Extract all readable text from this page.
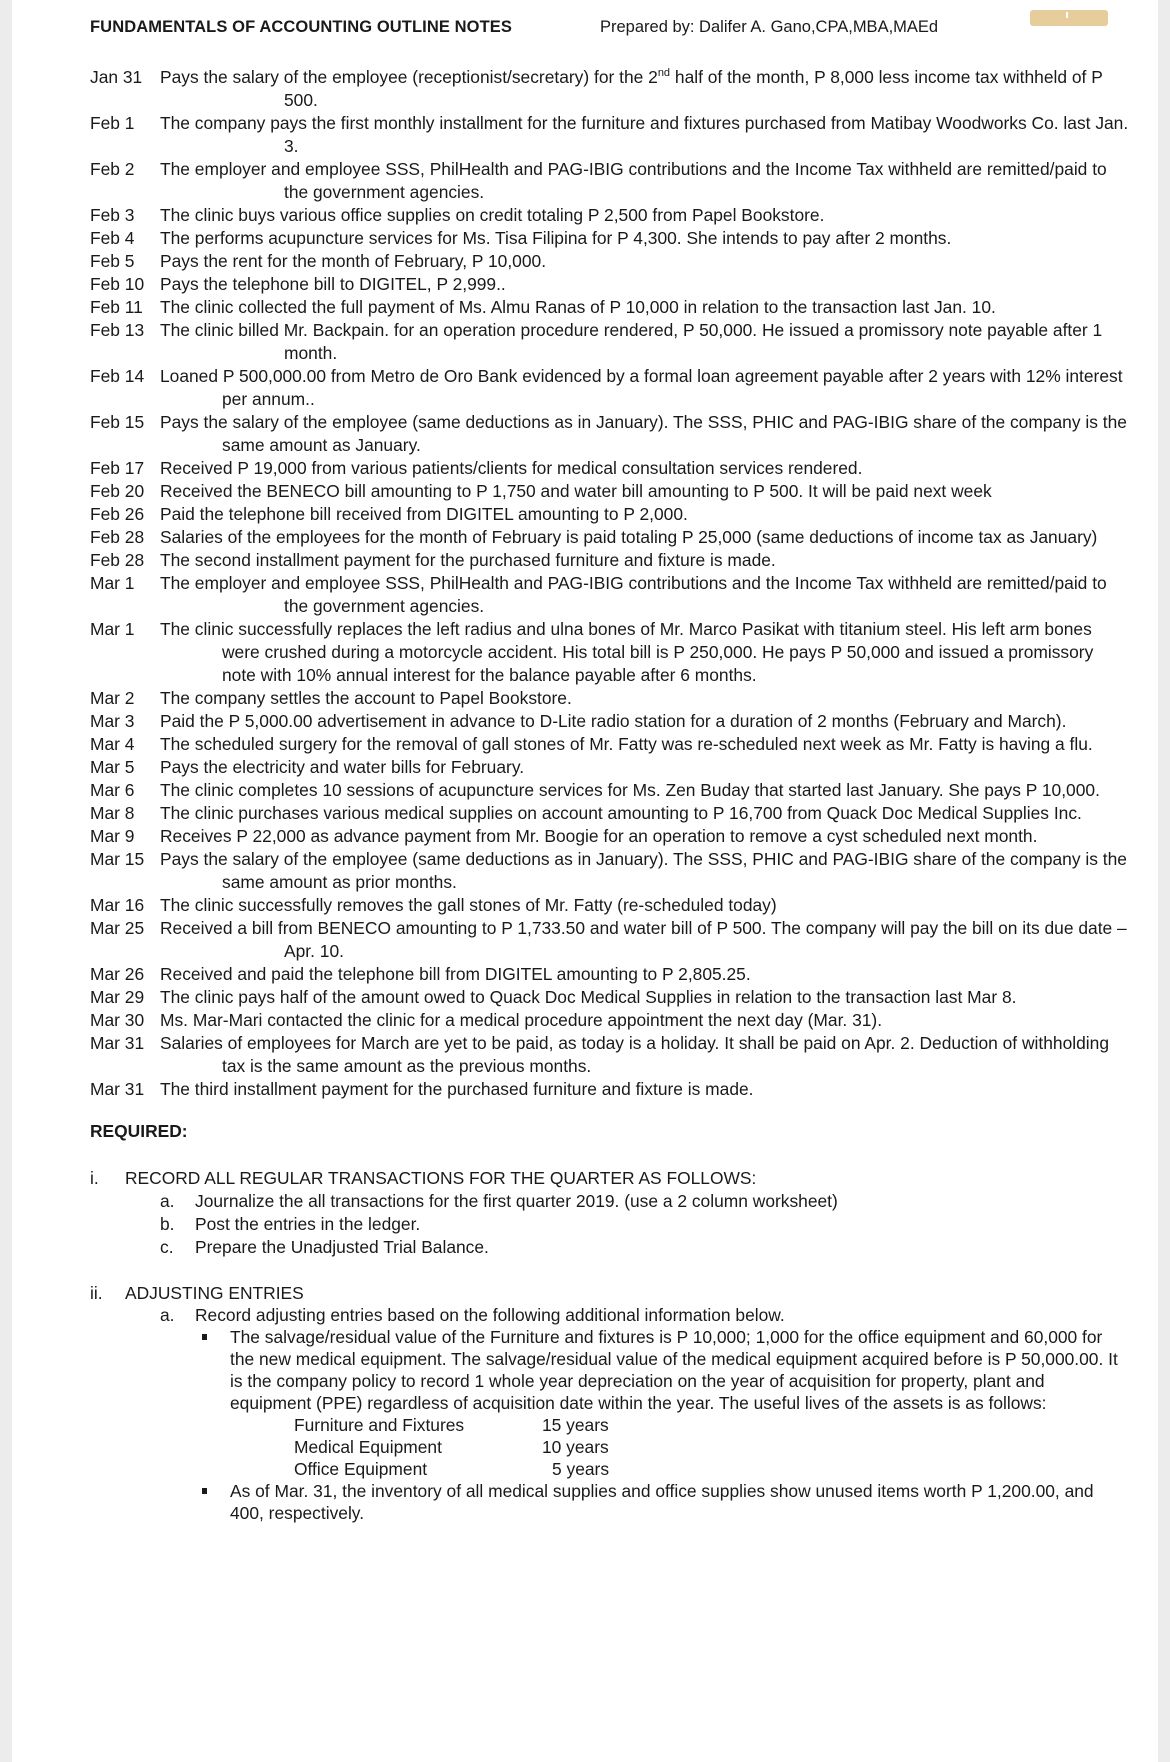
FUNDAMENTALS OF ACCOUNTING OUTLINE NOTES	Prepared by: Dalifer A. Gano,CPA,MBA,MAEd
Jan 31 Pays the salary of the employee (receptionist/secretary) for the 2nd half of the month, P 8,000 less income tax withheld of P 500.
Feb 1 The company pays the first monthly installment for the furniture and fixtures purchased from Matibay Woodworks Co. last Jan. 3.
Feb 2 The employer and employee SSS, PhilHealth and PAG-IBIG contributions and the Income Tax withheld are remitted/paid to the government agencies.
Feb 3 The clinic buys various office supplies on credit totaling P 2,500 from Papel Bookstore.
Feb 4 The performs acupuncture services for Ms. Tisa Filipina for P 4,300. She intends to pay after 2 months.
Feb 5 Pays the rent for the month of February, P 10,000.
Feb 10 Pays the telephone bill to DIGITEL, P 2,999..
Feb 11 The clinic collected the full payment of Ms. Almu Ranas of P 10,000 in relation to the transaction last Jan. 10.
Feb 13 The clinic billed Mr. Backpain. for an operation procedure rendered, P 50,000. He issued a promissory note payable after 1 month.
Feb 14 Loaned P 500,000.00 from Metro de Oro Bank evidenced by a formal loan agreement payable after 2 years with 12% interest per annum..
Feb 15 Pays the salary of the employee (same deductions as in January). The SSS, PHIC and PAG-IBIG share of the company is the same amount as January.
Feb 17 Received P 19,000 from various patients/clients for medical consultation services rendered.
Feb 20 Received the BENECO bill amounting to P 1,750 and water bill amounting to P 500. It will be paid next week
Feb 26 Paid the telephone bill received from DIGITEL amounting to P 2,000.
Feb 28 Salaries of the employees for the month of February is paid totaling P 25,000 (same deductions of income tax as January)
Feb 28 The second installment payment for the purchased furniture and fixture is made.
Mar 1 The employer and employee SSS, PhilHealth and PAG-IBIG contributions and the Income Tax withheld are remitted/paid to the government agencies.
Mar 1 The clinic successfully replaces the left radius and ulna bones of Mr. Marco Pasikat with titanium steel. His left arm bones were crushed during a motorcycle accident. His total bill is P 250,000. He pays P 50,000 and issued a promissory note with 10% annual interest for the balance payable after 6 months.
Mar 2 The company settles the account to Papel Bookstore.
Mar 3 Paid the P 5,000.00 advertisement in advance to D-Lite radio station for a duration of 2 months (February and March).
Mar 4 The scheduled surgery for the removal of gall stones of Mr. Fatty was re-scheduled next week as Mr. Fatty is having a flu.
Mar 5 Pays the electricity and water bills for February.
Mar 6 The clinic completes 10 sessions of acupuncture services for Ms. Zen Buday that started last January. She pays P 10,000.
Mar 8 The clinic purchases various medical supplies on account amounting to P 16,700 from Quack Doc Medical Supplies Inc.
Mar 9 Receives P 22,000 as advance payment from Mr. Boogie for an operation to remove a cyst scheduled next month.
Mar 15 Pays the salary of the employee (same deductions as in January). The SSS, PHIC and PAG-IBIG share of the company is the same amount as prior months.
Mar 16 The clinic successfully removes the gall stones of Mr. Fatty (re-scheduled today)
Mar 25 Received a bill from BENECO amounting to P 1,733.50 and water bill of P 500. The company will pay the bill on its due date – Apr. 10.
Mar 26 Received and paid the telephone bill from DIGITEL amounting to P 2,805.25.
Mar 29 The clinic pays half of the amount owed to Quack Doc Medical Supplies in relation to the transaction last Mar 8.
Mar 30 Ms. Mar-Mari contacted the clinic for a medical procedure appointment the next day (Mar. 31).
Mar 31 Salaries of employees for March are yet to be paid, as today is a holiday. It shall be paid on Apr. 2. Deduction of withholding tax is the same amount as the previous months.
Mar 31 The third installment payment for the purchased furniture and fixture is made.
REQUIRED:
i. RECORD ALL REGULAR TRANSACTIONS FOR THE QUARTER AS FOLLOWS:
a. Journalize the all transactions for the first quarter 2019. (use a 2 column worksheet)
b. Post the entries in the ledger.
c. Prepare the Unadjusted Trial Balance.
ii. ADJUSTING ENTRIES
a. Record adjusting entries based on the following additional information below.
The salvage/residual value of the Furniture and fixtures is P 10,000; 1,000 for the office equipment and 60,000 for the new medical equipment. The salvage/residual value of the medical equipment acquired before is P 50,000.00. It is the company policy to record 1 whole year depreciation on the year of acquisition for property, plant and equipment (PPE) regardless of acquisition date within the year. The useful lives of the assets is as follows:
Furniture and Fixtures	15 years
Medical Equipment	10 years
Office Equipment	5 years
As of Mar. 31, the inventory of all medical supplies and office supplies show unused items worth P 1,200.00, and 400, respectively.
